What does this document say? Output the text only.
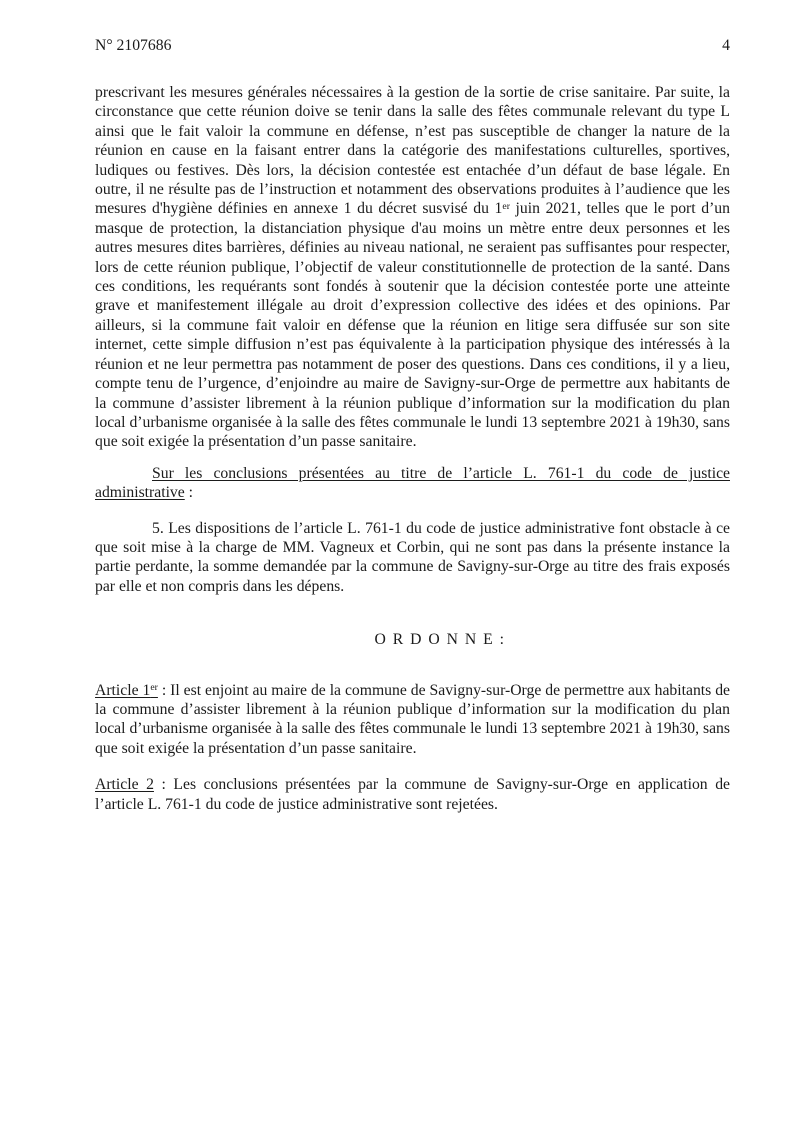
N° 2107686	4

prescrivant les mesures générales nécessaires à la gestion de la sortie de crise sanitaire. Par suite, la circonstance que cette réunion doive se tenir dans la salle des fêtes communale relevant du type L ainsi que le fait valoir la commune en défense, n’est pas susceptible de changer la nature de la réunion en cause en la faisant entrer dans la catégorie des manifestations culturelles, sportives, ludiques ou festives. Dès lors, la décision contestée est entachée d’un défaut de base légale. En outre, il ne résulte pas de l’instruction et notamment des observations produites à l’audience que les mesures d'hygiène définies en annexe 1 du décret susvisé du 1er juin 2021, telles que le port d’un masque de protection, la distanciation physique d'au moins un mètre entre deux personnes et les autres mesures dites barrières, définies au niveau national, ne seraient pas suffisantes pour respecter, lors de cette réunion publique, l’objectif de valeur constitutionnelle de protection de la santé. Dans ces conditions, les requérants sont fondés à soutenir que la décision contestée porte une atteinte grave et manifestement illégale au droit d’expression collective des idées et des opinions. Par ailleurs, si la commune fait valoir en défense que la réunion en litige sera diffusée sur son site internet, cette simple diffusion n’est pas équivalente à la participation physique des intéressés à la réunion et ne leur permettra pas notamment de poser des questions. Dans ces conditions, il y a lieu, compte tenu de l’urgence, d’enjoindre au maire de Savigny-sur-Orge de permettre aux habitants de la commune d’assister librement à la réunion publique d’information sur la modification du plan local d’urbanisme organisée à la salle des fêtes communale le lundi 13 septembre 2021 à 19h30, sans que soit exigée la présentation d’un passe sanitaire.

Sur les conclusions présentées au titre de l’article L. 761-1 du code de justice administrative :

5. Les dispositions de l’article L. 761-1 du code de justice administrative font obstacle à ce que soit mise à la charge de MM. Vagneux et Corbin, qui ne sont pas dans la présente instance la partie perdante, la somme demandée par la commune de Savigny-sur-Orge au titre des frais exposés par elle et non compris dans les dépens.

O R D O N N E :

Article 1er : Il est enjoint au maire de la commune de Savigny-sur-Orge de permettre aux habitants de la commune d’assister librement à la réunion publique d’information sur la modification du plan local d’urbanisme organisée à la salle des fêtes communale le lundi 13 septembre 2021 à 19h30, sans que soit exigée la présentation d’un passe sanitaire.

Article 2 : Les conclusions présentées par la commune de Savigny-sur-Orge en application de l’article L. 761-1 du code de justice administrative sont rejetées.
